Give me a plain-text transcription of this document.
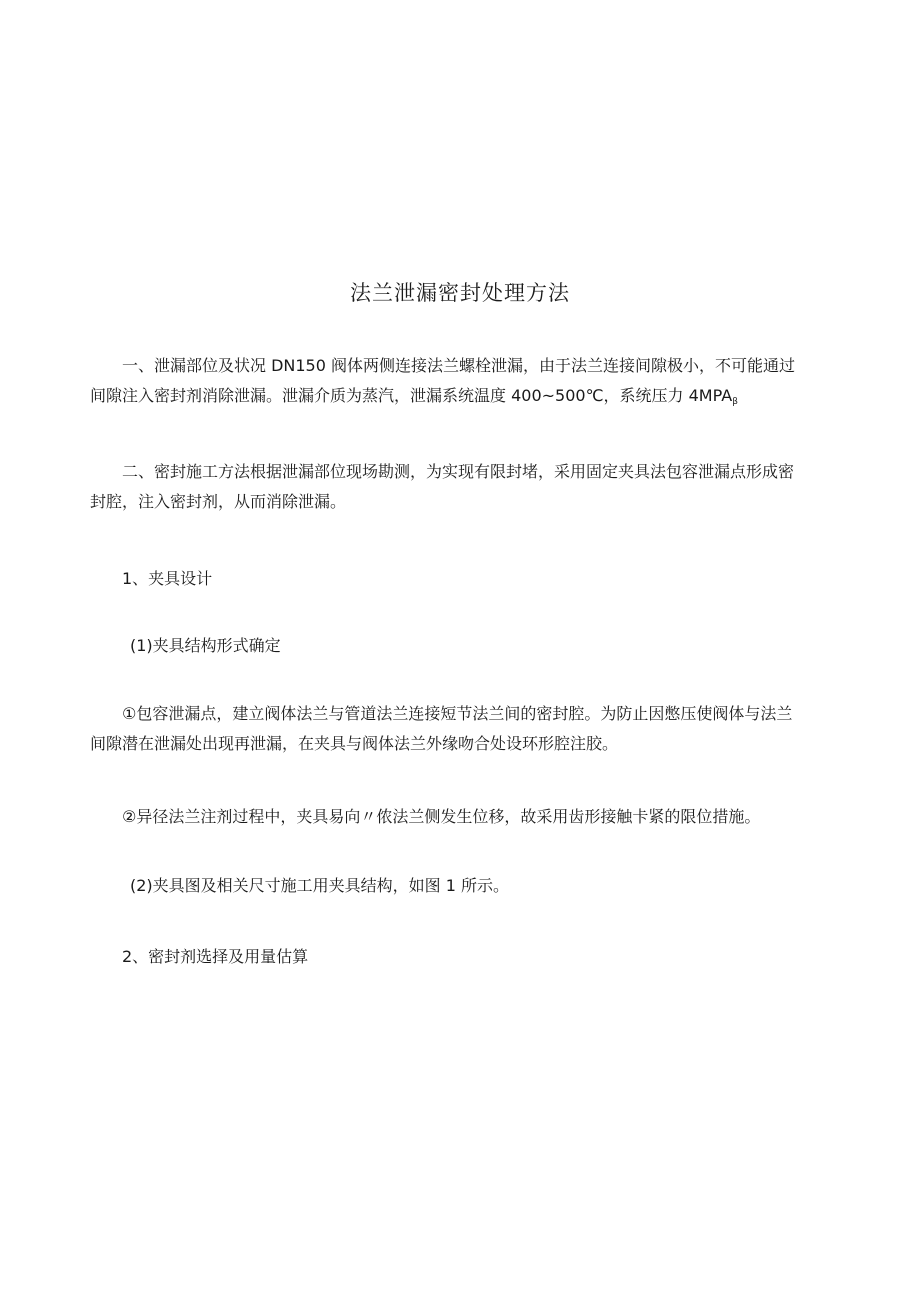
法兰泄漏密封处理方法
一、泄漏部位及状况 DN150 阀体两侧连接法兰螺栓泄漏，由于法兰连接间隙极小，不可能通过
间隙注入密封剂消除泄漏。泄漏介质为蒸汽，泄漏系统温度 400~500℃，系统压力 4MPAβ
二、密封施工方法根据泄漏部位现场勘测，为实现有限封堵，采用固定夹具法包容泄漏点形成密
封腔，注入密封剂，从而消除泄漏。
1、夹具设计
(1)夹具结构形式确定
①包容泄漏点，建立阀体法兰与管道法兰连接短节法兰间的密封腔。为防止因憋压使阀体与法兰
间隙潜在泄漏处出现再泄漏，在夹具与阀体法兰外缘吻合处设环形腔注胶。
②异径法兰注剂过程中，夹具易向〃侬法兰侧发生位移，故采用齿形接触卡紧的限位措施。
(2)夹具图及相关尺寸施工用夹具结构，如图 1 所示。
2、密封剂选择及用量估算
